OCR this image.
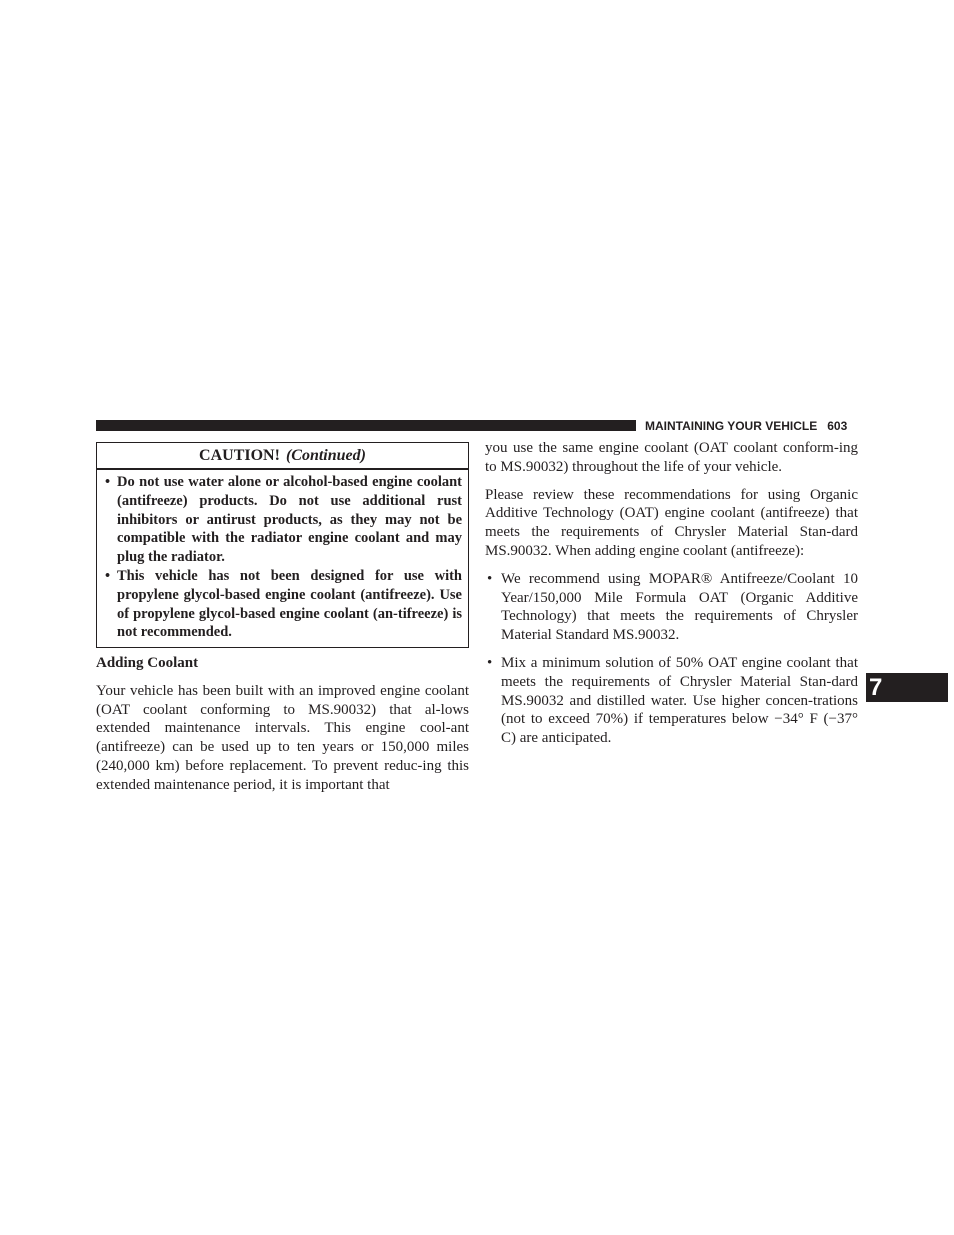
MAINTAINING YOUR VEHICLE 603
7
CAUTION! (Continued)
• Do not use water alone or alcohol-based engine coolant (antifreeze) products. Do not use additional rust inhibitors or antirust products, as they may not be compatible with the radiator engine coolant and may plug the radiator.
• This vehicle has not been designed for use with propylene glycol-based engine coolant (antifreeze). Use of propylene glycol-based engine coolant (an-tifreeze) is not recommended.
Adding Coolant

Your vehicle has been built with an improved engine coolant (OAT coolant conforming to MS.90032) that al-lows extended maintenance intervals. This engine cool-ant (antifreeze) can be used up to ten years or 150,000 miles (240,000 km) before replacement. To prevent reduc-ing this extended maintenance period, it is important that

you use the same engine coolant (OAT coolant conform-ing to MS.90032) throughout the life of your vehicle.

Please review these recommendations for using Organic Additive Technology (OAT) engine coolant (antifreeze) that meets the requirements of Chrysler Material Stan-dard MS.90032. When adding engine coolant (antifreeze):

• We recommend using MOPAR® Antifreeze/Coolant 10 Year/150,000 Mile Formula OAT (Organic Additive Technology) that meets the requirements of Chrysler Material Standard MS.90032.
• Mix a minimum solution of 50% OAT engine coolant that meets the requirements of Chrysler Material Stan-dard MS.90032 and distilled water. Use higher concen-trations (not to exceed 70%) if temperatures below −34° F (−37° C) are anticipated.
